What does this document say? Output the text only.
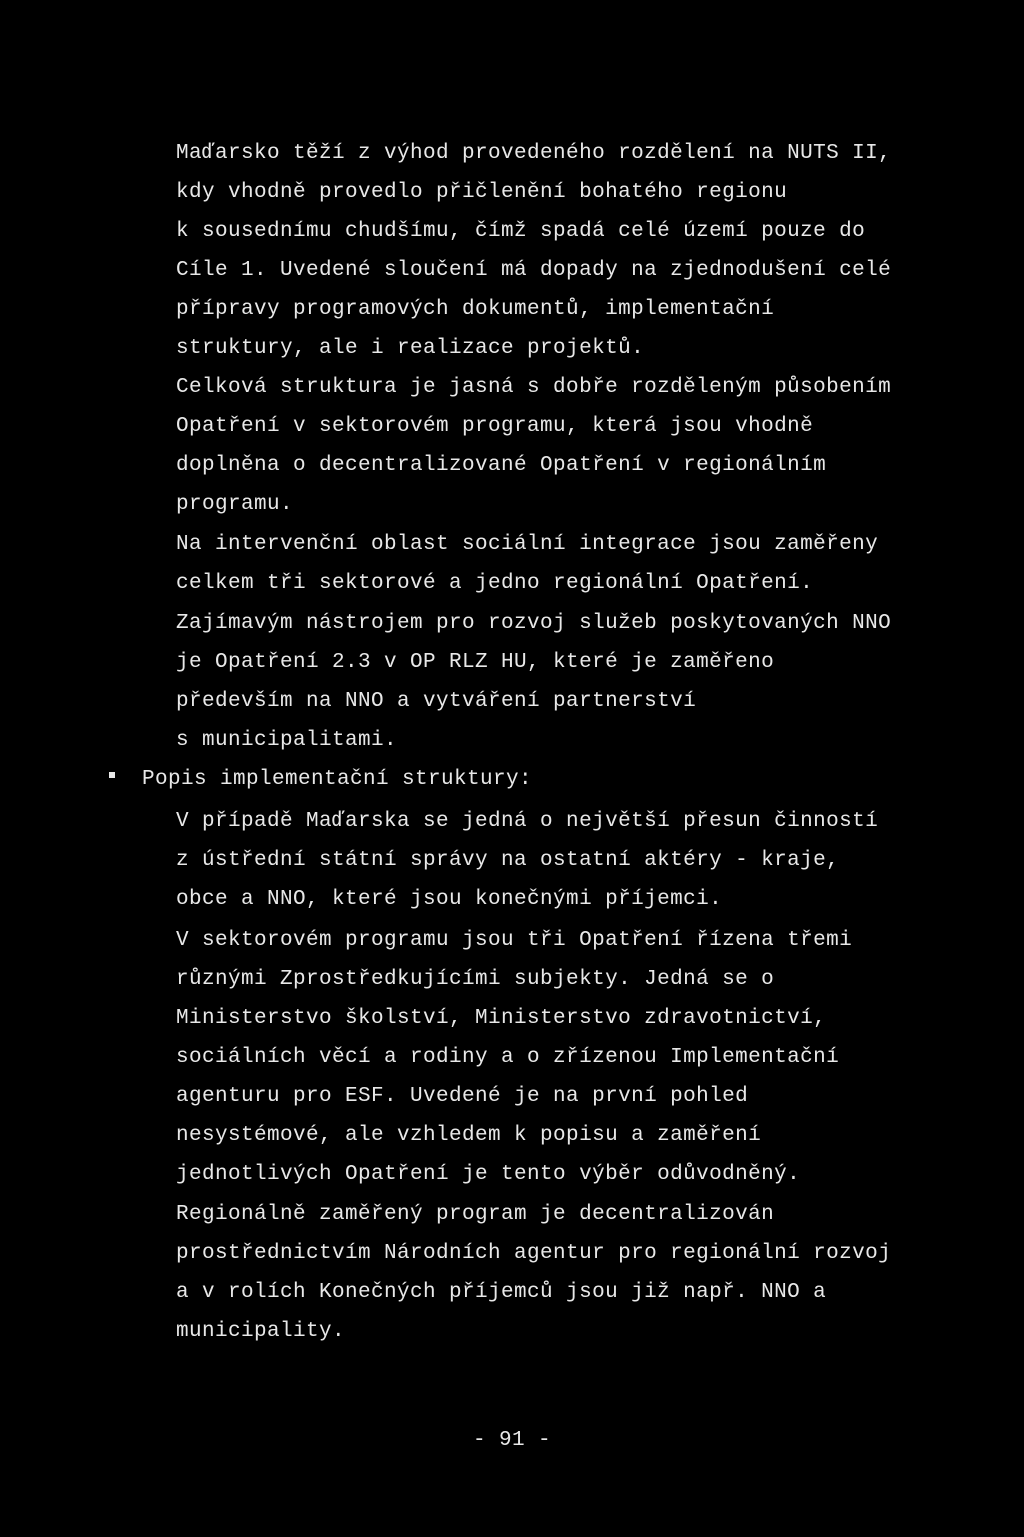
Maďarsko těží z výhod provedeného rozdělení na NUTS II,
kdy vhodně provedlo přičlenění bohatého regionu
k sousednímu chudšímu, čímž spadá celé území pouze do
Cíle 1. Uvedené sloučení má dopady na zjednodušení celé
přípravy programových dokumentů, implementační
struktury, ale i realizace projektů.
Celková struktura je jasná s dobře rozděleným působením
Opatření v sektorovém programu, která jsou vhodně
doplněna o decentralizované Opatření v regionálním
programu.
Na intervenční oblast sociální integrace jsou zaměřeny
celkem tři sektorové a jedno regionální Opatření.
Zajímavým nástrojem pro rozvoj služeb poskytovaných NNO
je Opatření 2.3 v OP RLZ HU, které je zaměřeno
především na NNO a vytváření partnerství
s municipalitami.
Popis implementační struktury:
V případě Maďarska se jedná o největší přesun činností
z ústřední státní správy na ostatní aktéry - kraje,
obce a NNO, které jsou konečnými příjemci.
V sektorovém programu jsou tři Opatření řízena třemi
různými Zprostředkujícími subjekty. Jedná se o
Ministerstvo školství, Ministerstvo zdravotnictví,
sociálních věcí a rodiny a o zřízenou Implementační
agenturu pro ESF. Uvedené je na první pohled
nesystémové, ale vzhledem k popisu a zaměření
jednotlivých Opatření je tento výběr odůvodněný.
Regionálně zaměřený program je decentralizován
prostřednictvím Národních agentur pro regionální rozvoj
a v rolích Konečných příjemců jsou již např. NNO a
municipality.
- 91 -
